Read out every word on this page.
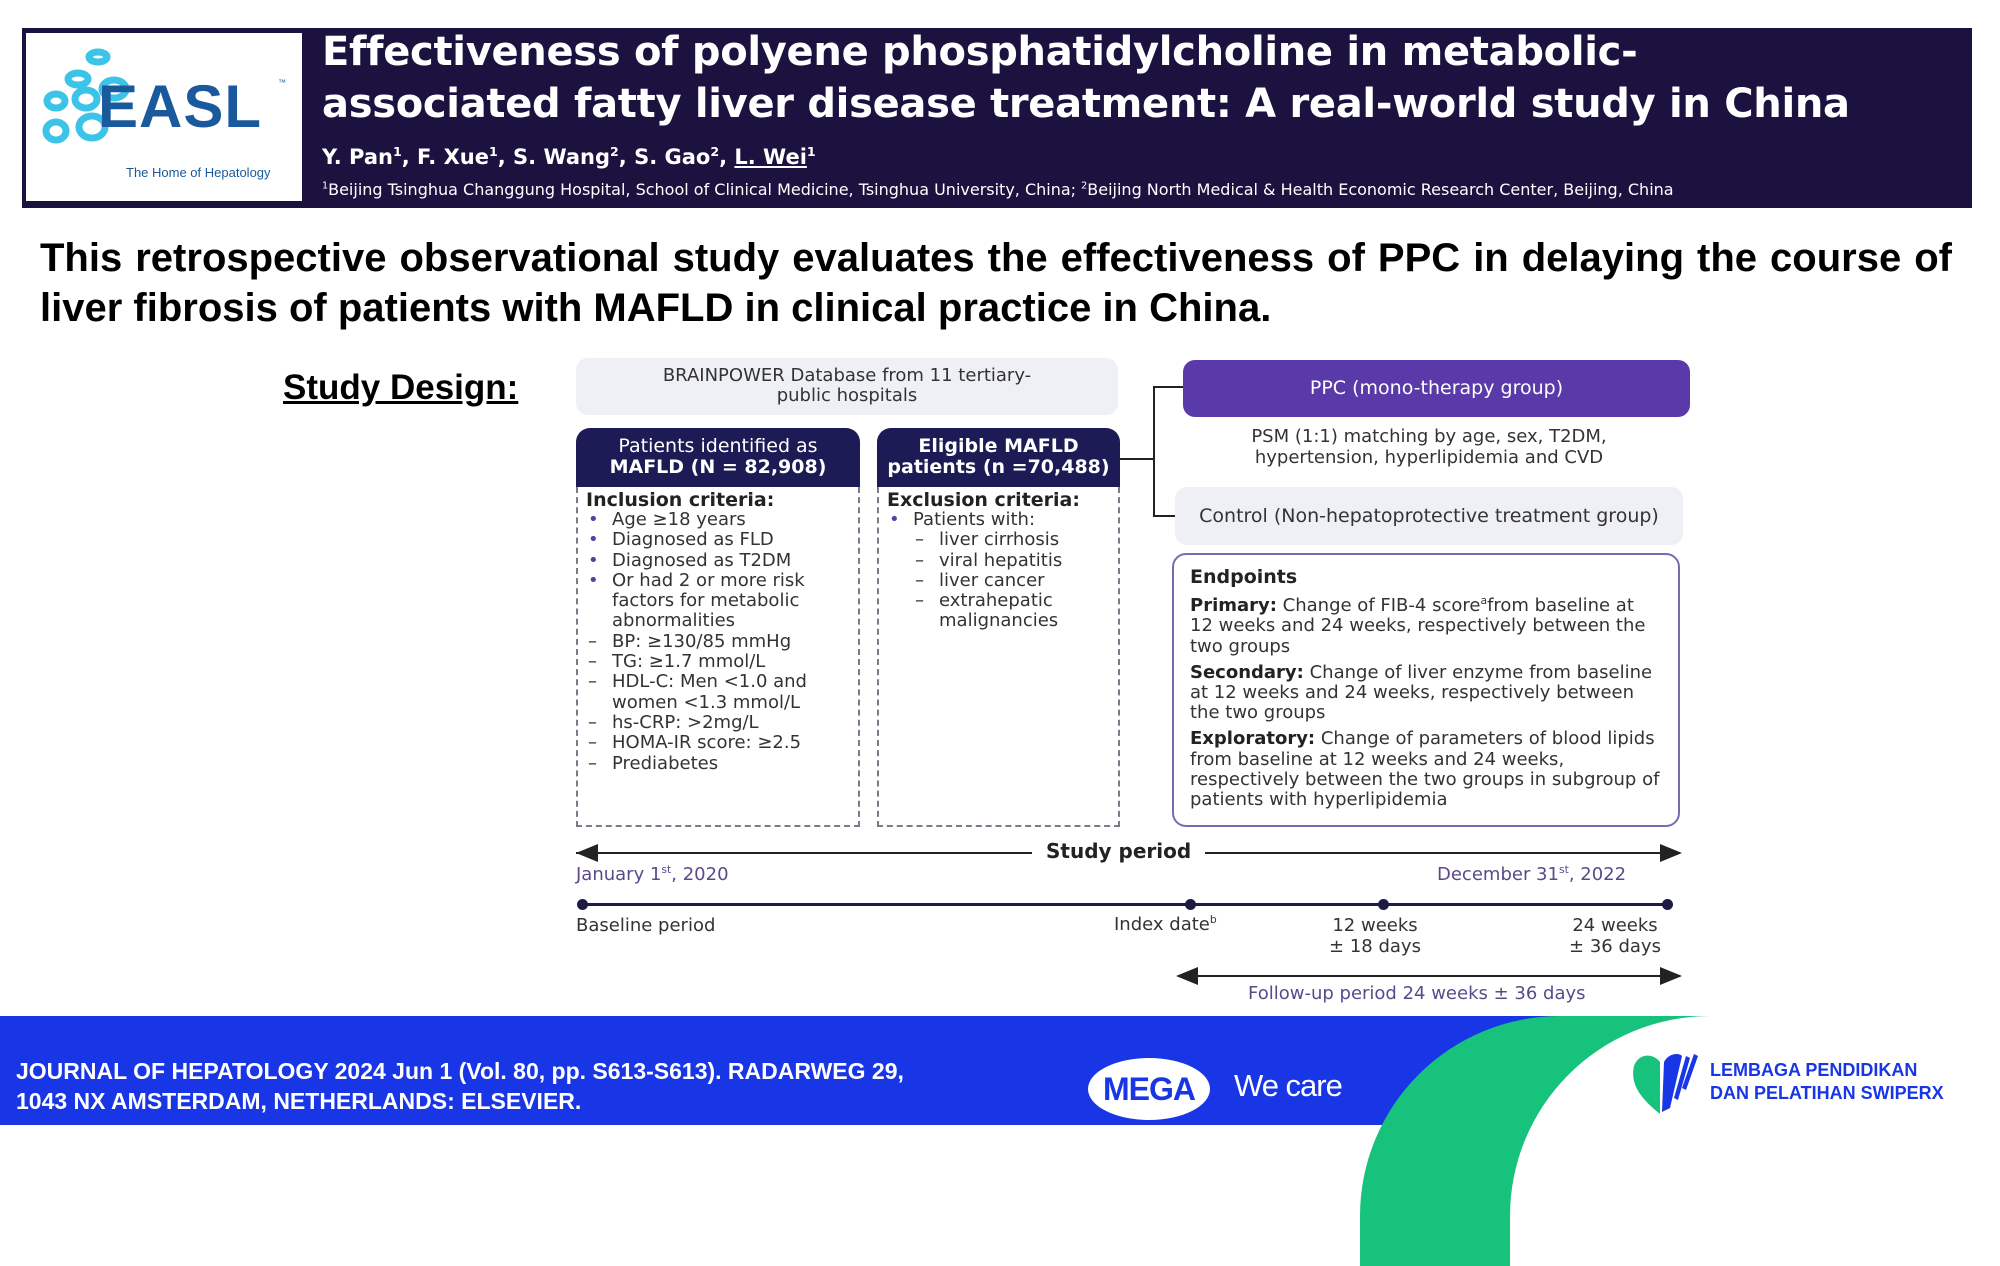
EASL ™
The Home of Hepatology
Effectiveness of polyene phosphatidylcholine in metabolic-
associated fatty liver disease treatment: A real-world study in China
Y. Pan$^1$, F. Xue$^1$, S. Wang$^2$, S. Gao$^2$, L. Wei$^1$
$^1$Beijing Tsinghua Changgung Hospital, School of Clinical Medicine, Tsinghua University, China; $^2$Beijing North Medical & Health Economic Research Center, Beijing, China
This retrospective observational study evaluates the effectiveness of PPC in delaying the course of liver fibrosis of patients with MAFLD in clinical practice in China.
Study Design:	BRAINPOWER Database from 11 tertiary-
public hospitals
Patients identified as
MAFLD (N = 82,908)
Inclusion criteria:
• Age ≥18 years
• Diagnosed as FLD
• Diagnosed as T2DM
• Or had 2 or more risk factors for metabolic abnormalities
– BP: ≥130/85 mmHg
– TG: ≥1.7 mmol/L
– HDL-C: Men <1.0 and women <1.3 mmol/L
– hs-CRP: >2mg/L
– HOMA-IR score: ≥2.5
– Prediabetes
Eligible MAFLD
patients (n =70,488)
Exclusion criteria:
• Patients with:
– liver cirrhosis
– viral hepatitis
– liver cancer
– extrahepatic malignancies
PPC (mono-therapy group)
PSM (1:1) matching by age, sex, T2DM,
hypertension, hyperlipidemia and CVD
Control (Non-hepatoprotective treatment group)
Endpoints
Primary: Change of FIB-4 score$^a$from baseline at 12 weeks and 24 weeks, respectively between the two groups
Secondary: Change of liver enzyme from baseline at 12 weeks and 24 weeks, respectively between the two groups
Exploratory: Change of parameters of blood lipids from baseline at 12 weeks and 24 weeks, respectively between the two groups in subgroup of patients with hyperlipidemia
Study period
January 1st, 2020	December 31st, 2022
Baseline period	Index date$^b$	12 weeks
± 18 days
24 weeks
± 36 days
Follow-up period 24 weeks ± 36 days
JOURNAL OF HEPATOLOGY 2024 Jun 1 (Vol. 80, pp. S613-S613). RADARWEG 29,
1043 NX AMSTERDAM, NETHERLANDS: ELSEVIER.	MEGA	We care	LEMBAGA PENDIDIKAN
DAN PELATIHAN SWIPERX
